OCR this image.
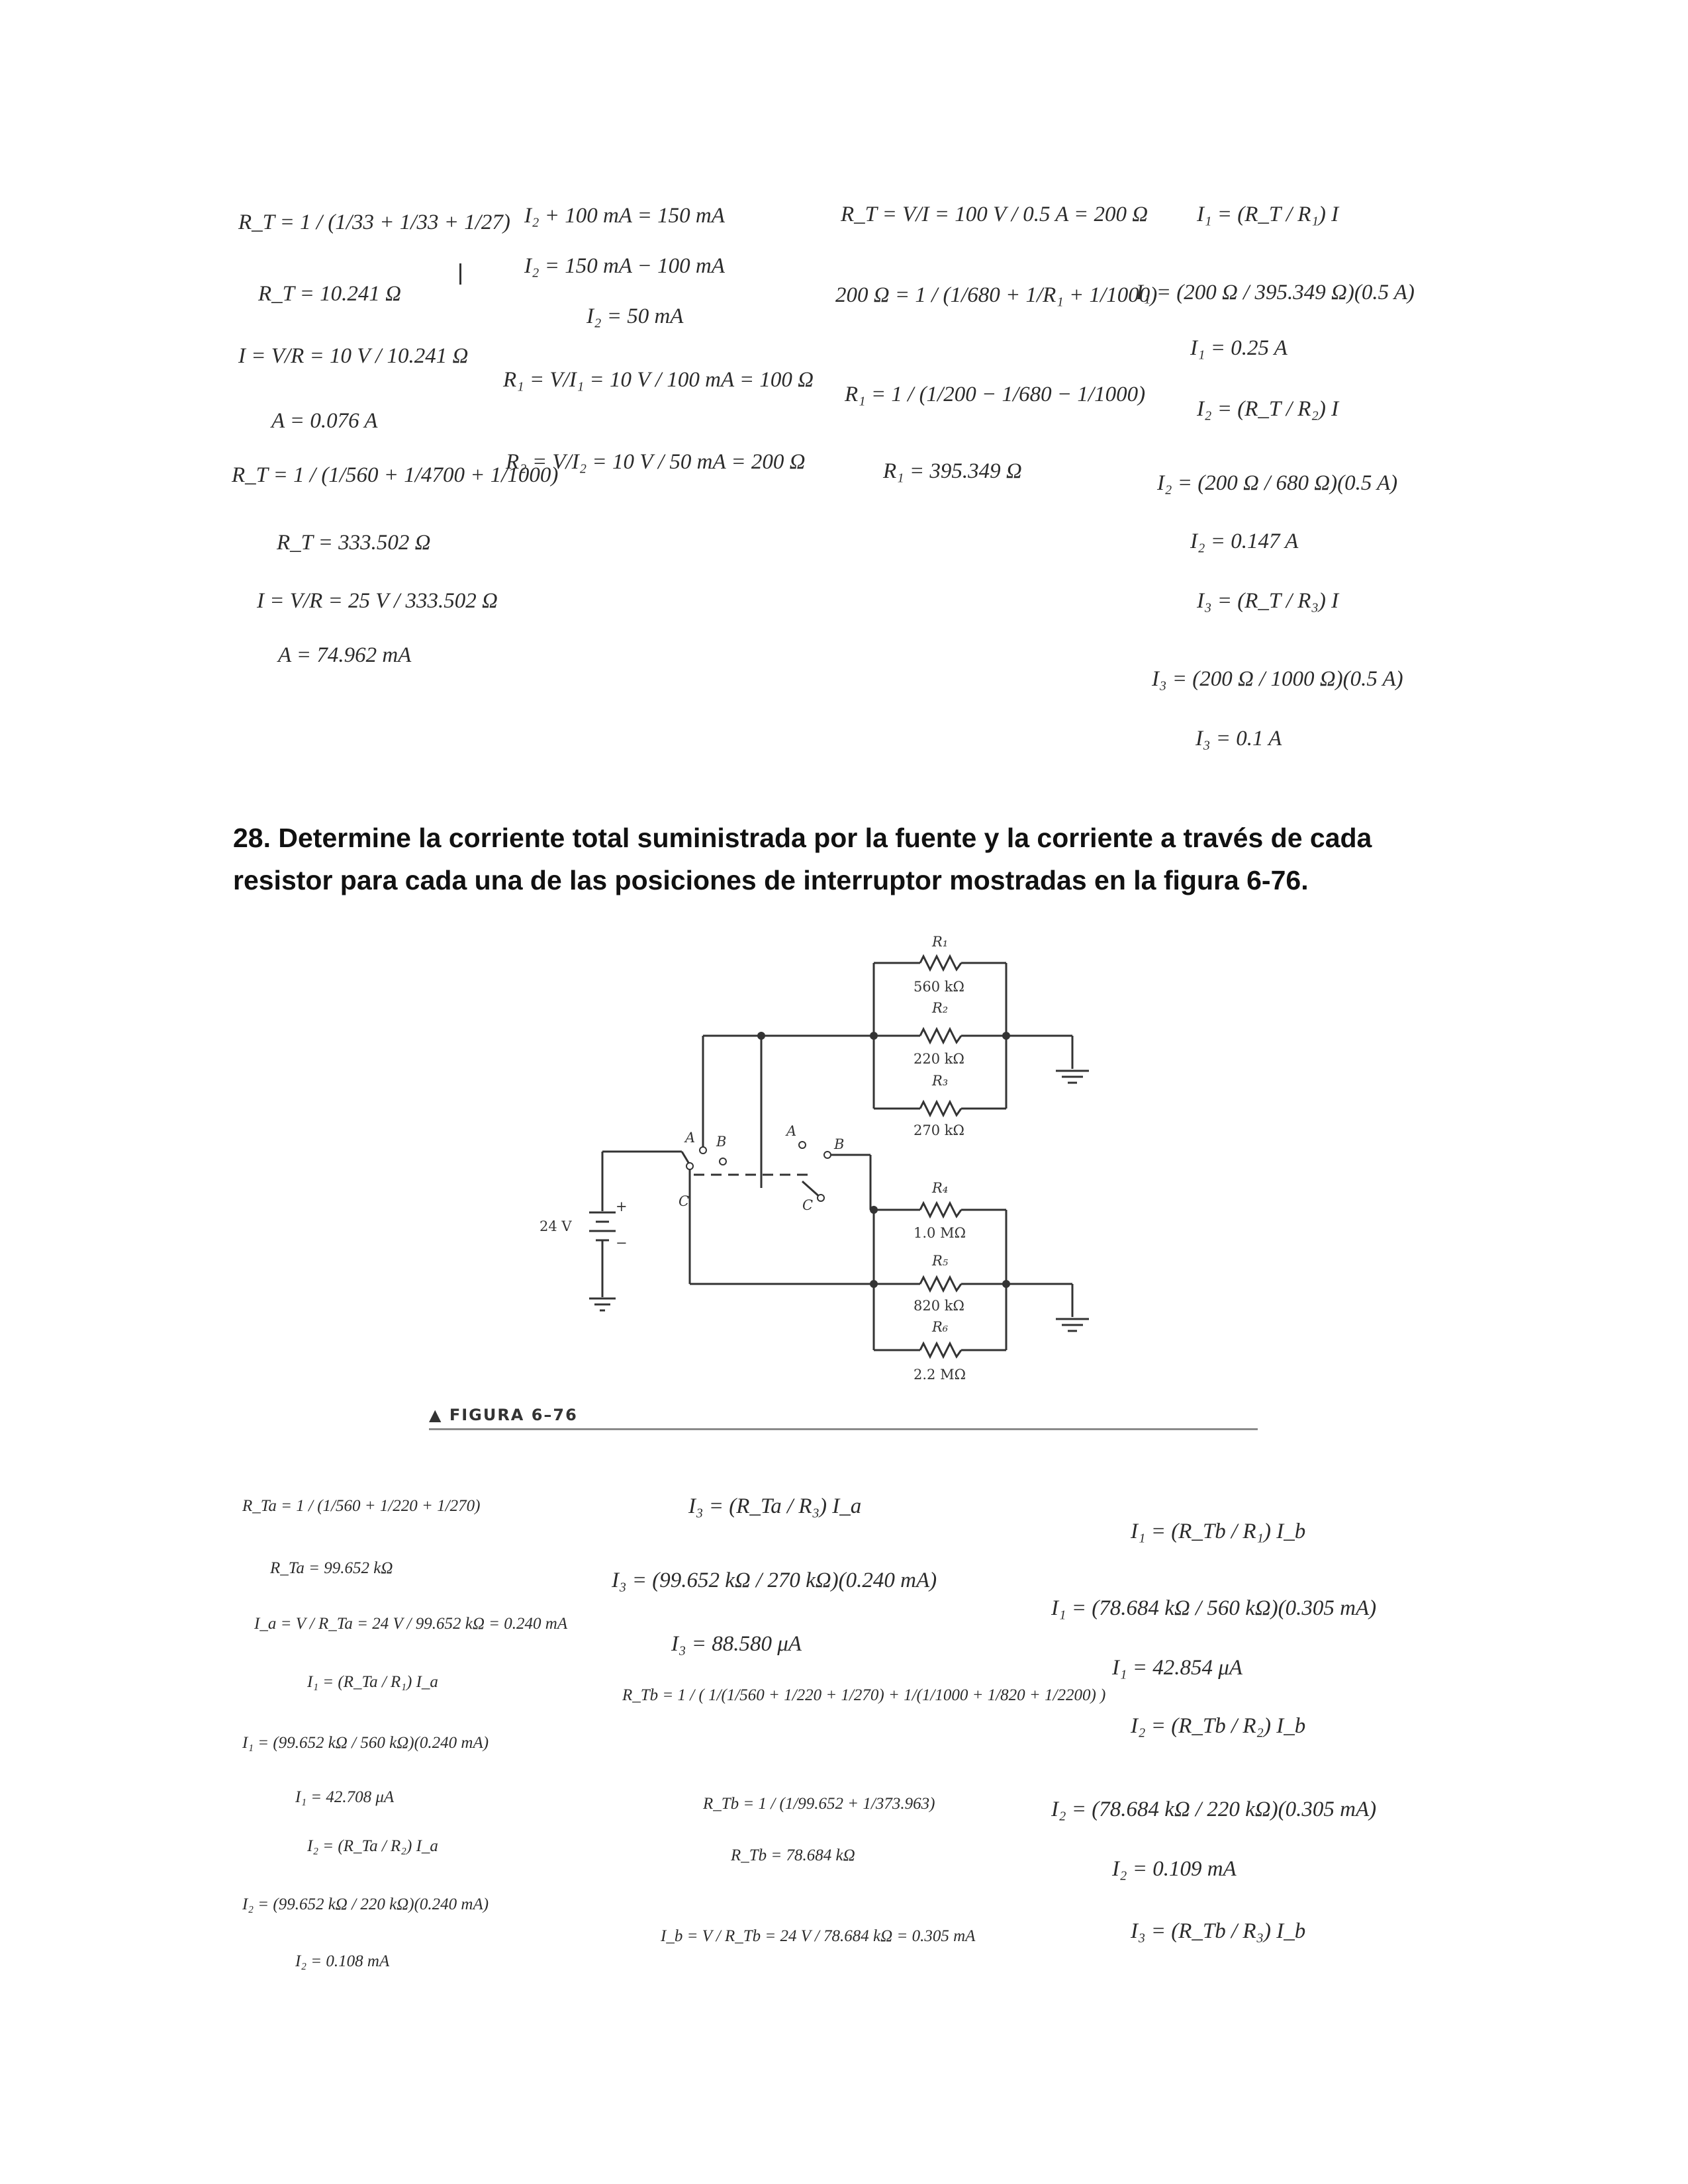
R_T = 1 / (1/33 + 1/33 + 1/27)
R_T = 10.241 Ω
I = V/R = 10 V / 10.241 Ω
A = 0.076 A
R_T = 1 / (1/560 + 1/4700 + 1/1000)
R_T = 333.502 Ω
I = V/R = 25 V / 333.502 Ω
A = 74.962 mA
I₂ + 100 mA = 150 mA
I₂ = 150 mA − 100 mA
I₂ = 50 mA
R₁ = V/I₁ = 10 V / 100 mA = 100 Ω
R₂ = V/I₂ = 10 V / 50 mA = 200 Ω
R_T = V/I = 100 V / 0.5 A = 200 Ω
200 Ω = 1 / (1/680 + 1/R₁ + 1/1000)
R₁ = 1 / (1/200 − 1/680 − 1/1000)
R₁ = 395.349 Ω
I₁ = (R_T / R₁) I
I₁ = (200 Ω / 395.349 Ω)(0.5 A)
I₁ = 0.25 A
I₂ = (R_T / R₂) I
I₂ = (200 Ω / 680 Ω)(0.5 A)
I₂ = 0.147 A
I₃ = (R_T / R₃) I
I₃ = (200 Ω / 1000 Ω)(0.5 A)
I₃ = 0.1 A
28. Determine la corriente total suministrada por la fuente y la corriente a través de cada resistor para cada una de las posiciones de interruptor mostradas en la figura 6-76.
24 V
+
−
A B
C
A
B
C
R₁
560 kΩ
R₂
220 kΩ
R₃
270 kΩ
R₄
1.0 MΩ
R₅
820 kΩ
R₆
2.2 MΩ
▲ FIGURA 6–76
R_Ta = 1 / (1/560 + 1/220 + 1/270)
R_Ta = 99.652 kΩ
I_a = V / R_Ta = 24 V / 99.652 kΩ = 0.240 mA
I₁ = (R_Ta / R₁) I_a
I₁ = (99.652 kΩ / 560 kΩ)(0.240 mA)
I₁ = 42.708 μA
I₂ = (R_Ta / R₂) I_a
I₂ = (99.652 kΩ / 220 kΩ)(0.240 mA)
I₂ = 0.108 mA
I₃ = (R_Ta / R₃) I_a
I₃ = (99.652 kΩ / 270 kΩ)(0.240 mA)
I₃ = 88.580 μA
R_Tb = 1 / ( 1/(1/560 + 1/220 + 1/270) + 1/(1/1000 + 1/820 + 1/2200) )
R_Tb = 1 / (1/99.652 + 1/373.963)
R_Tb = 78.684 kΩ
I_b = V / R_Tb = 24 V / 78.684 kΩ = 0.305 mA
I₁ = (R_Tb / R₁) I_b
I₁ = (78.684 kΩ / 560 kΩ)(0.305 mA)
I₁ = 42.854 μA
I₂ = (R_Tb / R₂) I_b
I₂ = (78.684 kΩ / 220 kΩ)(0.305 mA)
I₂ = 0.109 mA
I₃ = (R_Tb / R₃) I_b
